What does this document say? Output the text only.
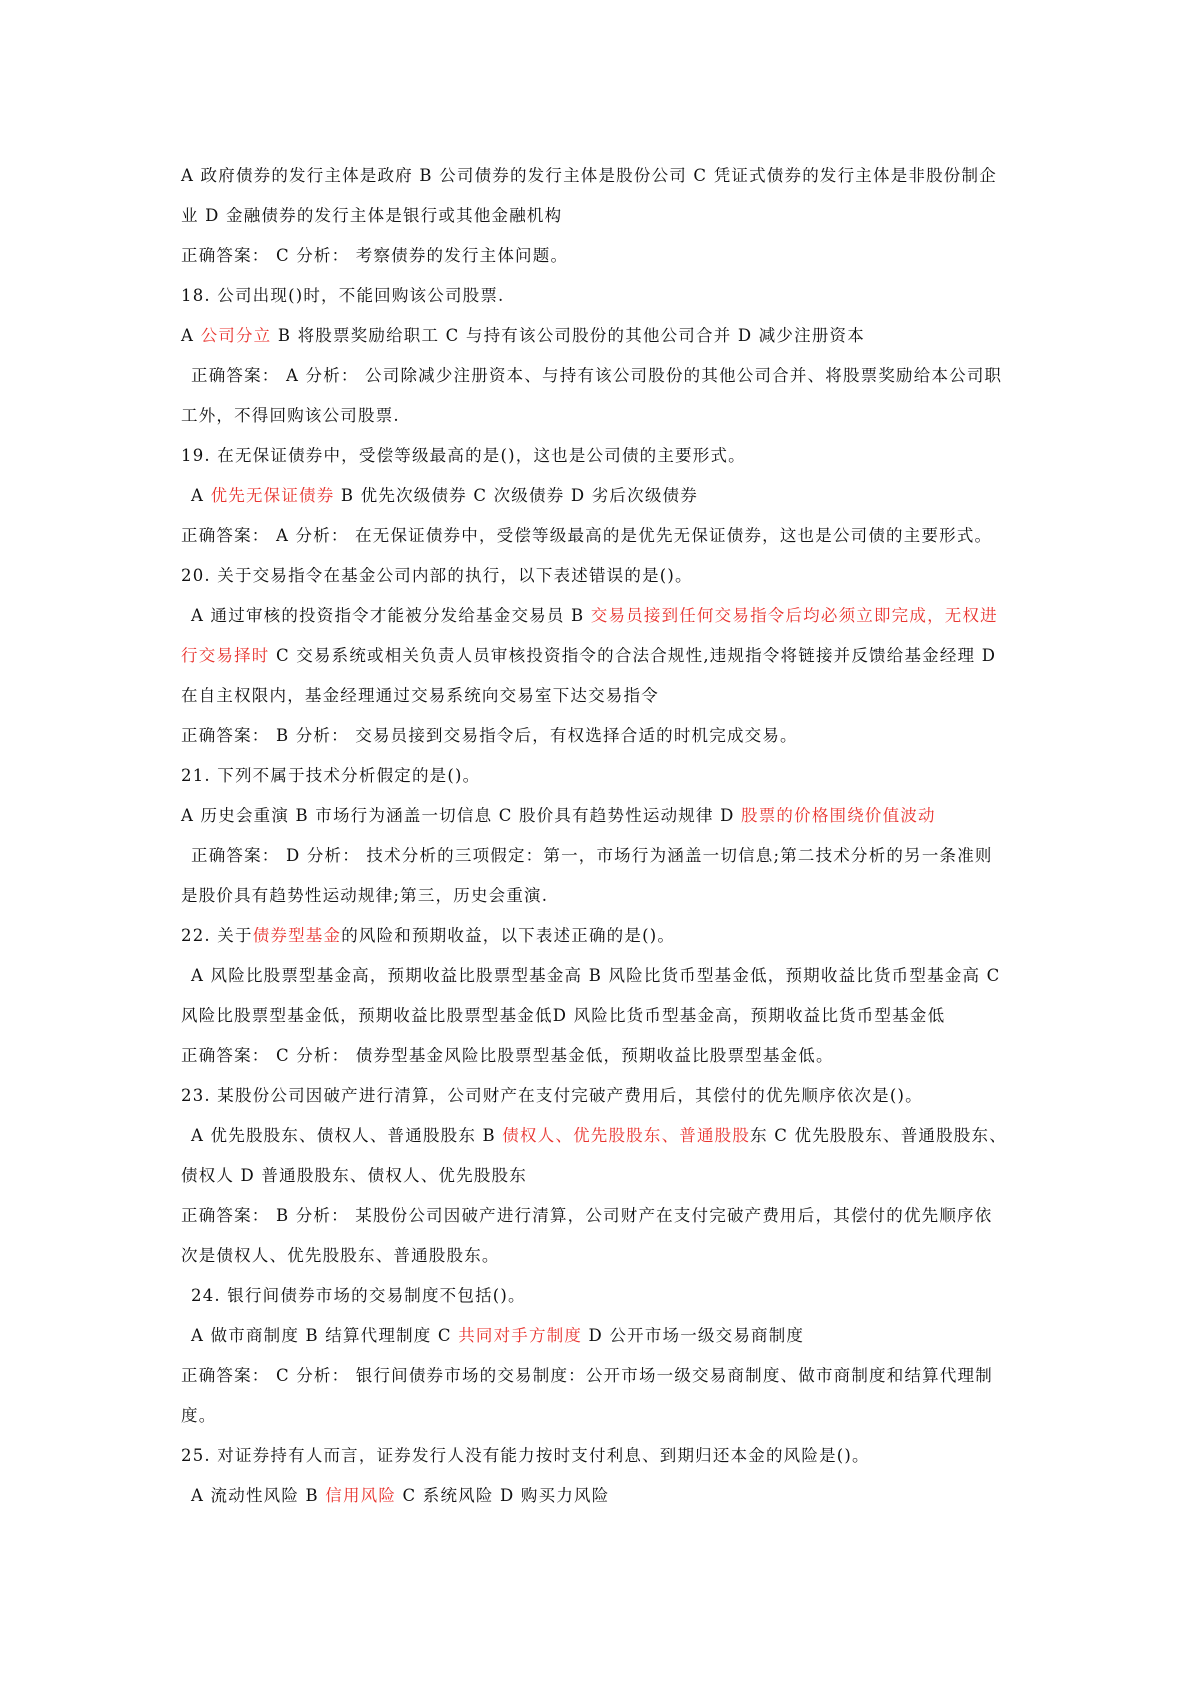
A 政府债券的发行主体是政府 B 公司债券的发行主体是股份公司 C 凭证式债券的发行主体是非股份制企
业 D 金融债券的发行主体是银行或其他金融机构
正确答案： C 分析： 考察债券的发行主体问题。
18. 公司出现()时，不能回购该公司股票.
A 公司分立 B 将股票奖励给职工 C 与持有该公司股份的其他公司合并 D 减少注册资本
正确答案： A 分析： 公司除减少注册资本、与持有该公司股份的其他公司合并、将股票奖励给本公司职
工外，不得回购该公司股票.
19. 在无保证债券中，受偿等级最高的是()，这也是公司债的主要形式。
A 优先无保证债券 B 优先次级债券 C 次级债券 D 劣后次级债券
正确答案： A 分析： 在无保证债券中，受偿等级最高的是优先无保证债券，这也是公司债的主要形式。
20. 关于交易指令在基金公司内部的执行，以下表述错误的是()。
A 通过审核的投资指令才能被分发给基金交易员 B 交易员接到任何交易指令后均必须立即完成，无权进
行交易择时 C 交易系统或相关负责人员审核投资指令的合法合规性,违规指令将链接并反馈给基金经理 D
在自主权限内，基金经理通过交易系统向交易室下达交易指令
正确答案： B 分析： 交易员接到交易指令后，有权选择合适的时机完成交易。
21. 下列不属于技术分析假定的是()。
A 历史会重演 B 市场行为涵盖一切信息 C 股价具有趋势性运动规律 D 股票的价格围绕价值波动
正确答案： D 分析： 技术分析的三项假定：第一，市场行为涵盖一切信息;第二技术分析的另一条准则
是股价具有趋势性运动规律;第三，历史会重演.
22. 关于债券型基金的风险和预期收益，以下表述正确的是()。
A 风险比股票型基金高，预期收益比股票型基金高 B 风险比货币型基金低，预期收益比货币型基金高 C
风险比股票型基金低，预期收益比股票型基金低D 风险比货币型基金高，预期收益比货币型基金低
正确答案： C 分析： 债券型基金风险比股票型基金低，预期收益比股票型基金低。
23. 某股份公司因破产进行清算，公司财产在支付完破产费用后，其偿付的优先顺序依次是()。
A 优先股股东、债权人、普通股股东 B 债权人、优先股股东、普通股股东 C 优先股股东、普通股股东、
债权人 D 普通股股东、债权人、优先股股东
正确答案： B 分析： 某股份公司因破产进行清算，公司财产在支付完破产费用后，其偿付的优先顺序依
次是债权人、优先股股东、普通股股东。
24. 银行间债券市场的交易制度不包括()。
A 做市商制度 B 结算代理制度 C 共同对手方制度 D 公开市场一级交易商制度
正确答案： C 分析： 银行间债券市场的交易制度：公开市场一级交易商制度、做市商制度和结算代理制
度。
25. 对证券持有人而言，证券发行人没有能力按时支付利息、到期归还本金的风险是()。
A 流动性风险 B 信用风险 C 系统风险 D 购买力风险
